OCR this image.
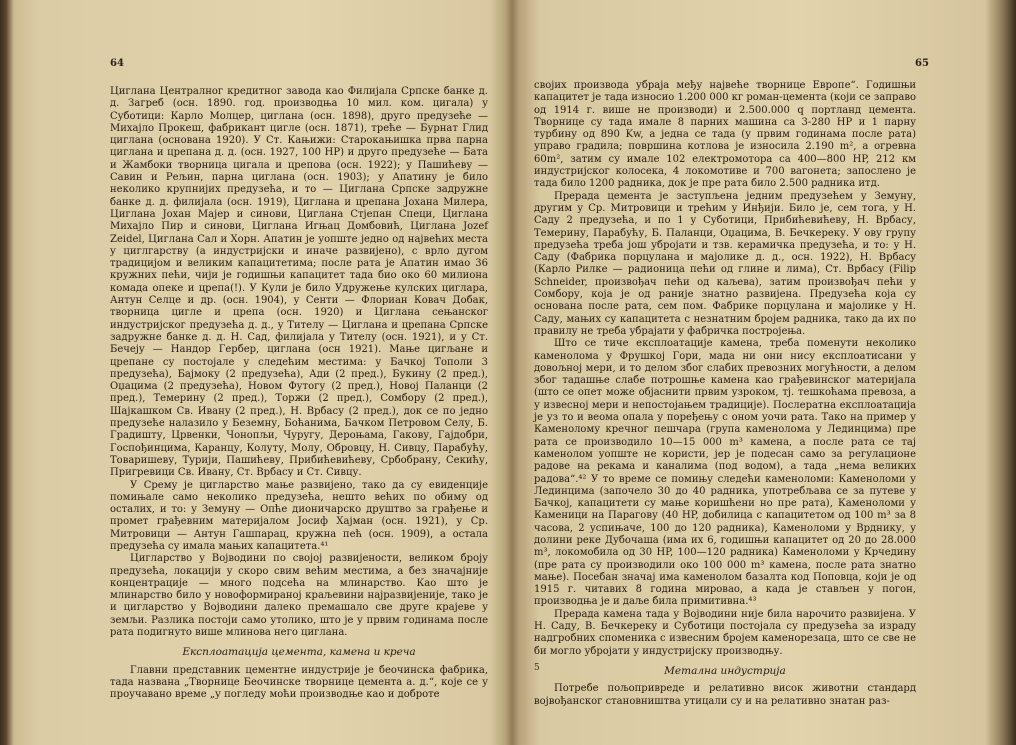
64

Циглана Централног кредитног завода као Филијала Српске банке д. д. Загреб (осн. 1890. год. производња 10 мил. ком. цигала) у Суботици: Карло Молцер, циглана (осн. 1898), друго предузеће — Михајло Прокеш, фабрикант цигле (осн. 1871), треће — Бурнат Глид циглана (основана 1920). У Ст. Кањижи: Старокањишка прва парна циглана и црепана д. д. (осн. 1927, 100 HP) и друго предузеће — Бата и Жамбоки творница цигала и црепова (осн. 1922); у Пашићеву — Савин и Рељин, парна циглана (осн. 1903); у Апатину је било неколико крупнијих предузећа, и то — Циглана Српске задружне банке д. д. филијала (осн. 1919), Циглана и црепана Јохана Милера, Циглана Јохан Мајер и синови, Циглана Стјепан Специ, Циглана Михајло Пир и синови, Циглана Игњац Домбовић, Циглана Jozef Zeidel, Циглана Сал и Хорн. Апатин је уопште једно од највећих места у циглгарству (а индустријски и иначе развијено), с врло дугом традицијом и великим капацитетима; после рата је Апатин имао 36 кружних пећи, чији је годишњи капацитет тада био око 60 милиона комада опеке и црепа(!). У Кули је било Удружење кулских циглара, Антун Селце и др. (осн. 1904), у Сенти — Флориан Ковач Добак, творница цигле и црепа (осн. 1920) и Циглана сењанског индустријског предузећа д. д., у Тителу — Циглана и црепана Српске задружне банке д. д. Н. Сад, филијала у Тителу (осн. 1921), и у Ст. Бечеју — Нандор Гербер, циглана (осн 1921). Мање цигљане и црепане су постојале у следећим местима: у Бачкој Тополи 3 предузећа), Бајмоку (2 предузећа), Ади (2 пред.), Букину (2 пред.), Оџацима (2 предузећа), Новом Футогу (2 пред.), Новој Паланци (2 пред.), Темерину (2 пред.), Торжи (2 пред.), Сомбору (2 пред.), Шајкашком Св. Ивану (2 пред.), Н. Врбасу (2 пред.), док се по једно предузеће налазило у Беземну, Боћанима, Бачком Петровом Селу, Б. Градишту, Црвенки, Чонопљи, Чуругу, Дероњама, Гакову, Гајдобри, Госпођинцима, Каранцу, Колуту, Молу, Обровцу, Н. Сивцу, Парабућу, Товаришеву, Турији, Пашићеву, Прибићевићеву, Србобрану, Секићу, Пригревици Св. Ивану, Ст. Врбасу и Ст. Сивцу.

У Срему је цигларство мање развијено, тако да су евиденције помињале само неколико предузећа, нешто већих по обиму од осталих, и то: у Земуну — Опће дионичарско друштво за грађење и промет грађевним материјалом Јосиф Хајман (осн. 1921), у Ср. Митровици — Антун Гашпарац, кружна пећ (осн. 1909), а остала предузећа су имала мањих капацитета.⁴¹

Цигларство у Војводини по својој развијености, великом броју предузећа, локацији у скоро свим већим местима, а без значајније концентрације — много подсећа на млинарство. Као што је млинарство било у новоформираној краљевини најразвијеније, тако је и цигларство у Војводини далеко премашало све друге крајеве у земљи. Разлика постоји само утолико, што је у првим годинама после рата подигнуто више млинова него циглана.

Експлоатација цемента, камена и креча

Главни представник цементне индустрије је беочинска фабрика, тада названа „Творнице Беочинске творнице цемента а. д.“, које се у проучавано време „у погледу моћи производње као и доброте

65

својих производа убраја међу највеће творнице Европе“. Годишњи капацитет је тада износио 1.200 000 кг роман-цемента (који се заправо од 1914 г. више не производи) и 2.500.000 q портланд цемента. Творнице су тада имале 8 парних машина са 3-280 HP и 1 парну турбину од 890 Kw, а једна се тада (у првим годинама после рата) управо градила; површина котлова је износила 2.190 m², а огревна 60m², затим су имале 102 електромотора са 400—800 HP, 212 км индустријског колосека, 4 локомотиве и 700 вагонета; запослено је тада било 1200 радника, док је пре рата било 2.500 радника итд.

Прерада цемента је заступљена једним предузећем у Земуну, другим у Ср. Митровици и трећим у Инђији. Било је, сем тога, у Н. Саду 2 предузећа, и по 1 у Суботици, Прибићевићеву, Н. Врбасу, Темерину, Парабућу, Б. Паланци, Оџацима, В. Бечкереку. У ову групу предузећа треба још убројати и тзв. керамичка предузећа, и то: у Н. Саду (Фабрика порцулана и мајолике д. д., осн. 1922), Н. Врбасу (Карло Рилке — радионица пећи од глине и лима), Ст. Врбасу (Filip Schneider, произвођач пећи од каљева), затим произвођач пећи у Сомбору, која је од раније знатно развијена. Предузећа која су основана после рата, сем пом. Фабрике порцулана и мајолике у Н. Саду, мањих су капацитета с незнатним бројем радника, тако да их по правилу не треба убрајати у фабричка постројења.

Што се тиче експлоатације камена, треба поменути неколико каменолома у Фрушкој Гори, мада ни они нису експлоатисани у довољној мери, и то делом због слабих превозних могућности, а делом због тадашње слабе потрошње камена као грађевинског материјала (што се опет може објаснити првим узроком, тј. тешкоћама превоза, а у извесној мери и непостојањем традиције). Послератна експлоатација је уз то и веома опала у поређењу с оном уочи рата. Тако на пример у Каменолому кречног пешчара (група каменолома у Лединцима) пре рата се производило 10—15 000 m³ камена, а после рата се тај каменолом уопште не користи, јер је подесан само за регулационе радове на рекама и каналима (под водом), а тада „нема великих радова“.⁴² У то време се помињу следећи каменоломи: Каменоломи у Лединцима (започело 30 до 40 радника, употребљава се за путеве у Бачкој, капацитети су мање коришћени но пре рата), Каменоломи у Каменици на Парагову (40 HP, добилица с капацитетом од 100 m³ за 8 часова, 2 успињаче, 100 до 120 радника), Каменоломи у Врднику, у долини реке Дубочаша (има их 6, годишњи капацитет од 20 до 28.000 m³, локомобила од 30 HP, 100—120 радника) Каменоломи у Крчедину (пре рата су производили око 100 000 m³ камена, после рата знатно мање). Посебан значај има каменолом базалта код Поповца, који је од 1915 г. читавих 8 година мировао, а када је стављен у погон, производња је и даље била примитивна.⁴³

Прерада камена тада у Војводини није била нарочито развијена. У Н. Саду, В. Бечкереку и Суботици постојала су предузећа за израду надгробних споменика с извесним бројем каменорезаца, што се све не би могло убројати у индустријску производњу.

Метална индустрија

Потребе пољопривреде и релативно висок животни стандард војвођанског становништва утицали су и на релативно знатан раз-

5
